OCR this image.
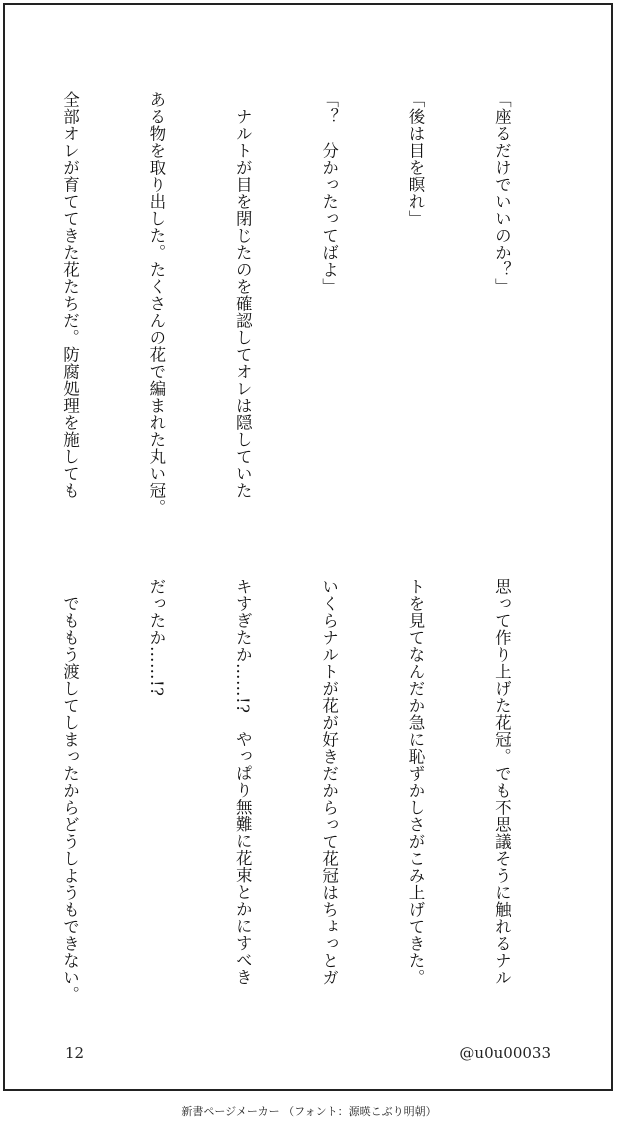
「座るだけでいいのか？」

「後は目を瞑れ」

「？　分かったってばよ」

　ナルトが目を閉じたのを確認してオレは隠していた

ある物を取り出した。たくさんの花で編まれた丸い冠。

全部オレが育ててきた花たちだ。防腐処理を施しても

思って作り上げた花冠。でも不思議そうに触れるナル

トを見てなんだか急に恥ずかしさがこみ上げてきた。

いくらナルトが花が好きだからって花冠はちょっとガ

キすぎたか……!?　やっぱり無難に花束とかにすべき

だったか……!?

　でももう渡してしまったからどうしようもできない。

12	@u0u00033
新書ページメーカー （フォント：源暎こぶり明朝）
